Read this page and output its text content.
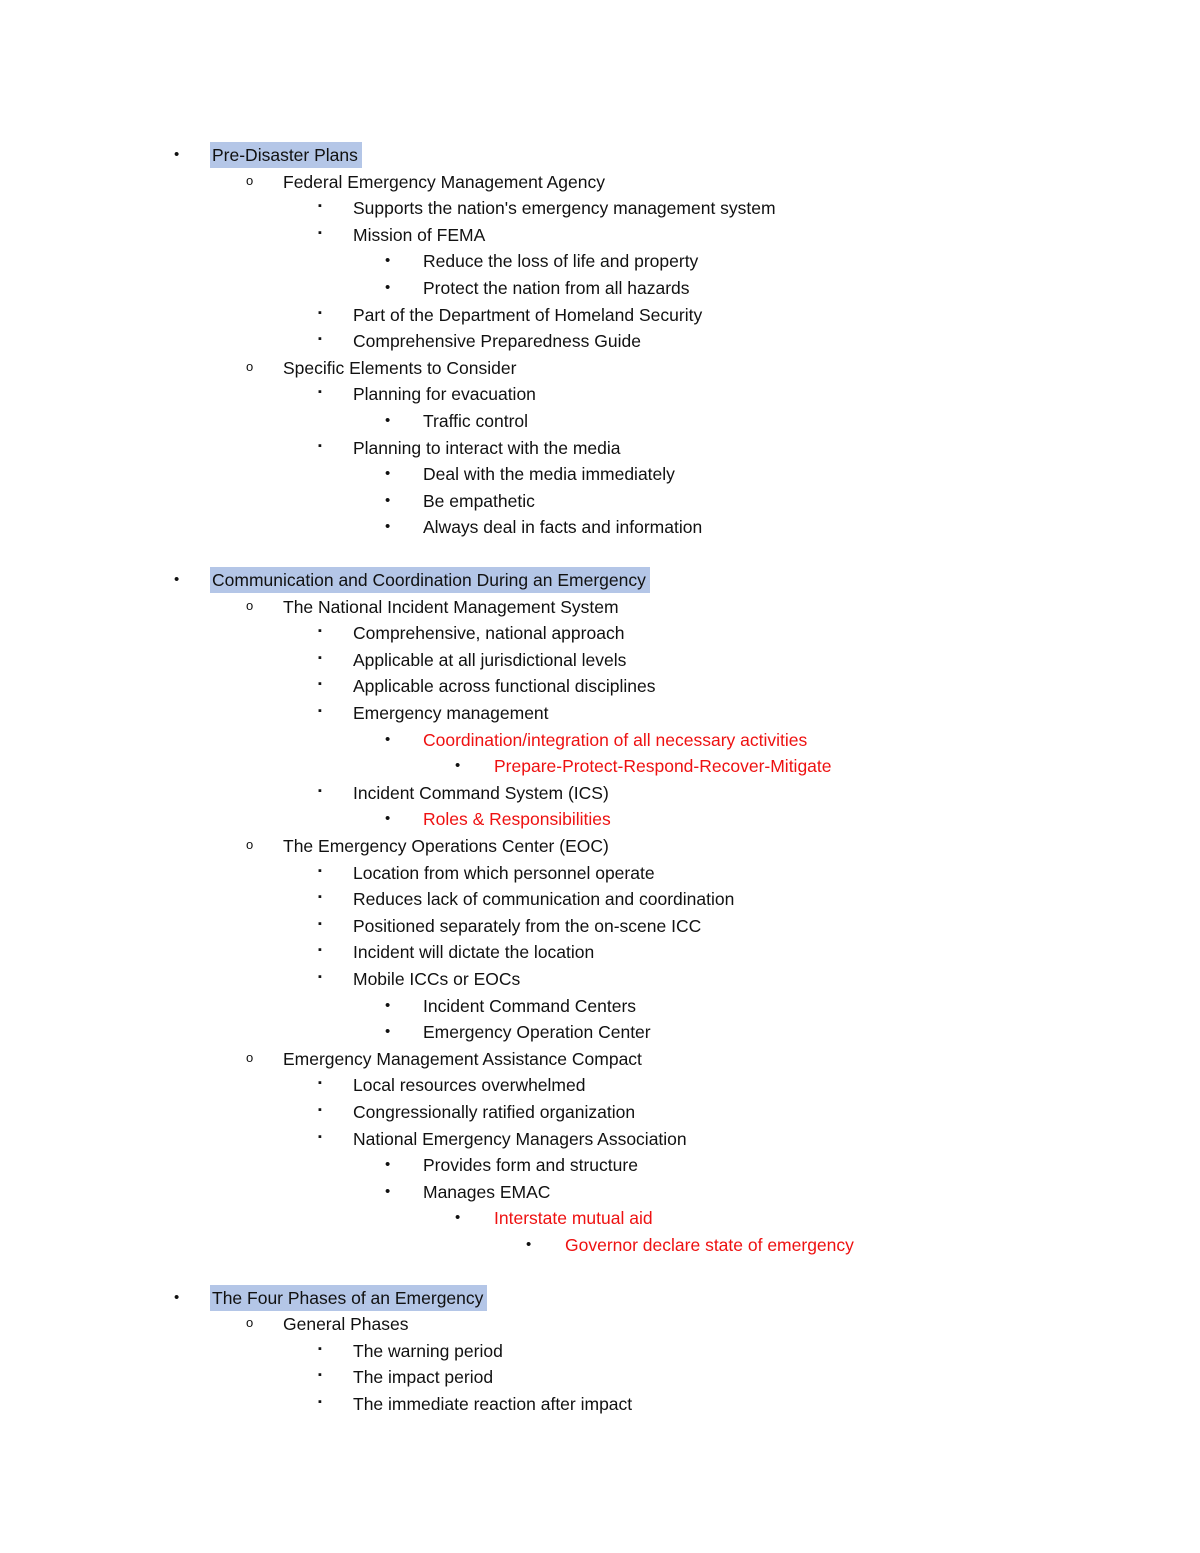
• Pre-Disaster Plans
o Federal Emergency Management Agency
▪ Supports the nation's emergency management system
▪ Mission of FEMA
• Reduce the loss of life and property
• Protect the nation from all hazards
▪ Part of the Department of Homeland Security
▪ Comprehensive Preparedness Guide
o Specific Elements to Consider
▪ Planning for evacuation
• Traffic control
▪ Planning to interact with the media
• Deal with the media immediately
• Be empathetic
• Always deal in facts and information
• Communication and Coordination During an Emergency
o The National Incident Management System
▪ Comprehensive, national approach
▪ Applicable at all jurisdictional levels
▪ Applicable across functional disciplines
▪ Emergency management
• Coordination/integration of all necessary activities
• Prepare-Protect-Respond-Recover-Mitigate
▪ Incident Command System (ICS)
• Roles & Responsibilities
o The Emergency Operations Center (EOC)
▪ Location from which personnel operate
▪ Reduces lack of communication and coordination
▪ Positioned separately from the on-scene ICC
▪ Incident will dictate the location
▪ Mobile ICCs or EOCs
• Incident Command Centers
• Emergency Operation Center
o Emergency Management Assistance Compact
▪ Local resources overwhelmed
▪ Congressionally ratified organization
▪ National Emergency Managers Association
• Provides form and structure
• Manages EMAC
• Interstate mutual aid
• Governor declare state of emergency
• The Four Phases of an Emergency
o General Phases
▪ The warning period
▪ The impact period
▪ The immediate reaction after impact
